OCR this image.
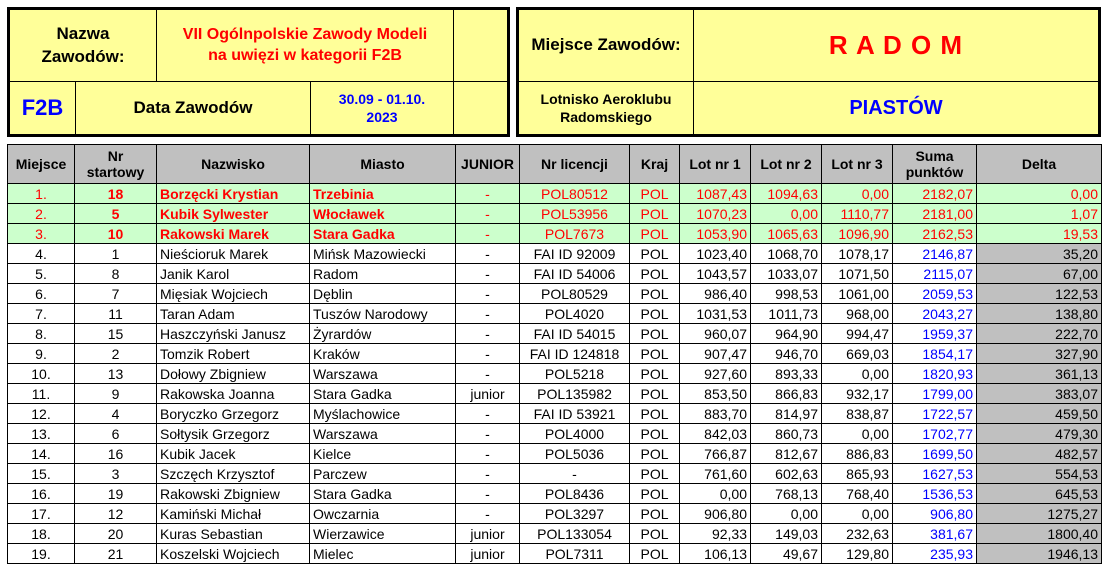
Nazwa Zawodów:
VII Ogólnpolskie Zawody Modeli
na uwięzi w kategorii F2B
F2B	Data Zawodów	30.09 - 01.10.
2023
Miejsce Zawodów:	R A D O M
Lotnisko Aeroklubu
Radomskiego	PIASTÓW
Miejsce	Nr startowy	Nazwisko	Miasto	JUNIOR	Nr licencji	Kraj	Lot nr 1	Lot nr 2	Lot nr 3	Suma punktów	Delta
1.	18	Borzęcki Krystian	Trzebinia	-	POL80512	POL	1087,43	1094,63	0,00	2182,07	0,00
2.	5	Kubik Sylwester	Włocławek	-	POL53956	POL	1070,23	0,00	1110,77	2181,00	1,07
3.	10	Rakowski Marek	Stara Gadka	-	POL7673	POL	1053,90	1065,63	1096,90	2162,53	19,53
4.	1	Nieścioruk Marek	Mińsk Mazowiecki	-	FAI ID 92009	POL	1023,40	1068,70	1078,17	2146,87	35,20
5.	8	Janik Karol	Radom	-	FAI ID 54006	POL	1043,57	1033,07	1071,50	2115,07	67,00
6.	7	Mięsiak Wojciech	Dęblin	-	POL80529	POL	986,40	998,53	1061,00	2059,53	122,53
7.	11	Taran Adam	Tuszów Narodowy	-	POL4020	POL	1031,53	1011,73	968,00	2043,27	138,80
8.	15	Haszczyński Janusz	Żyrardów	-	FAI ID 54015	POL	960,07	964,90	994,47	1959,37	222,70
9.	2	Tomzik Robert	Kraków	-	FAI ID 124818	POL	907,47	946,70	669,03	1854,17	327,90
10.	13	Dołowy Zbigniew	Warszawa	-	POL5218	POL	927,60	893,33	0,00	1820,93	361,13
11.	9	Rakowska Joanna	Stara Gadka	junior	POL135982	POL	853,50	866,83	932,17	1799,00	383,07
12.	4	Boryczko Grzegorz	Myślachowice	-	FAI ID 53921	POL	883,70	814,97	838,87	1722,57	459,50
13.	6	Sołtysik Grzegorz	Warszawa	-	POL4000	POL	842,03	860,73	0,00	1702,77	479,30
14.	16	Kubik Jacek	Kielce	-	POL5036	POL	766,87	812,67	886,83	1699,50	482,57
15.	3	Szczęch Krzysztof	Parczew	-	-	POL	761,60	602,63	865,93	1627,53	554,53
16.	19	Rakowski Zbigniew	Stara Gadka	-	POL8436	POL	0,00	768,13	768,40	1536,53	645,53
17.	12	Kamiński Michał	Owczarnia	-	POL3297	POL	906,80	0,00	0,00	906,80	1275,27
18.	20	Kuras Sebastian	Wierzawice	junior	POL133054	POL	92,33	149,03	232,63	381,67	1800,40
19.	21	Koszelski Wojciech	Mielec	junior	POL7311	POL	106,13	49,67	129,80	235,93	1946,13
